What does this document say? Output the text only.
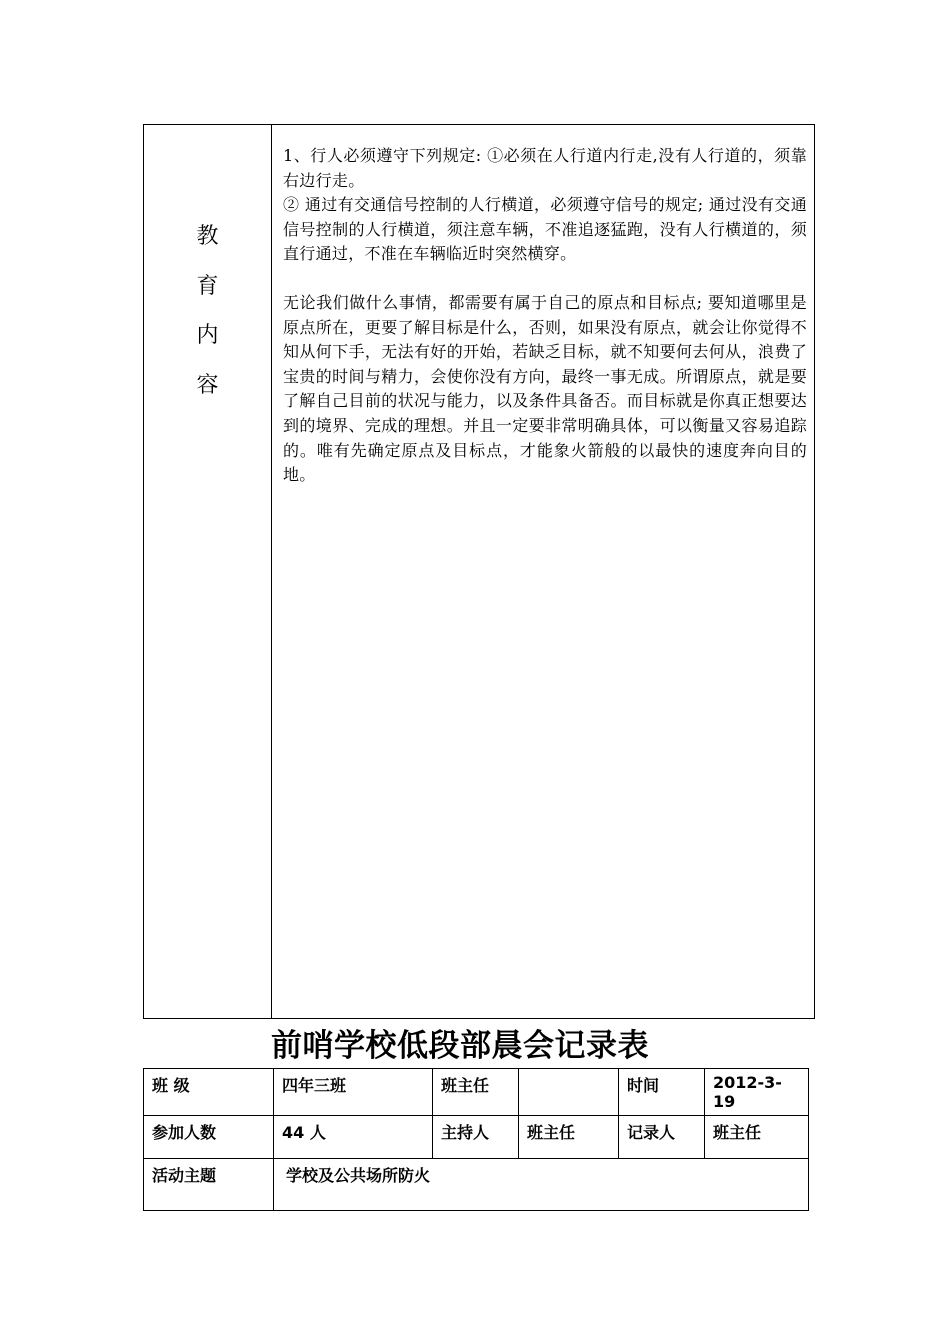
教
育
内
容

1、行人必须遵守下列规定: ①必须在人行道内行走,没有人行道的，须靠右边行走。

② 通过有交通信号控制的人行横道，必须遵守信号的规定; 通过没有交通信号控制的人行横道，须注意车辆，不准追逐猛跑，没有人行横道的，须直行通过，不准在车辆临近时突然横穿。

无论我们做什么事情，都需要有属于自己的原点和目标点; 要知道哪里是原点所在，更要了解目标是什么，否则，如果没有原点，就会让你觉得不知从何下手，无法有好的开始，若缺乏目标，就不知要何去何从，浪费了宝贵的时间与精力，会使你没有方向，最终一事无成。所谓原点，就是要了解自己目前的状况与能力，以及条件具备否。而目标就是你真正想要达到的境界、完成的理想。并且一定要非常明确具体，可以衡量又容易追踪的。唯有先确定原点及目标点，才能象火箭般的以最快的速度奔向目的地。

前哨学校低段部晨会记录表
班 级	四年三班	班主任		时间	2012-3-19
参加人数	44 人	主持人	班主任	记录人	班主任
活动主题	学校及公共场所防火				
